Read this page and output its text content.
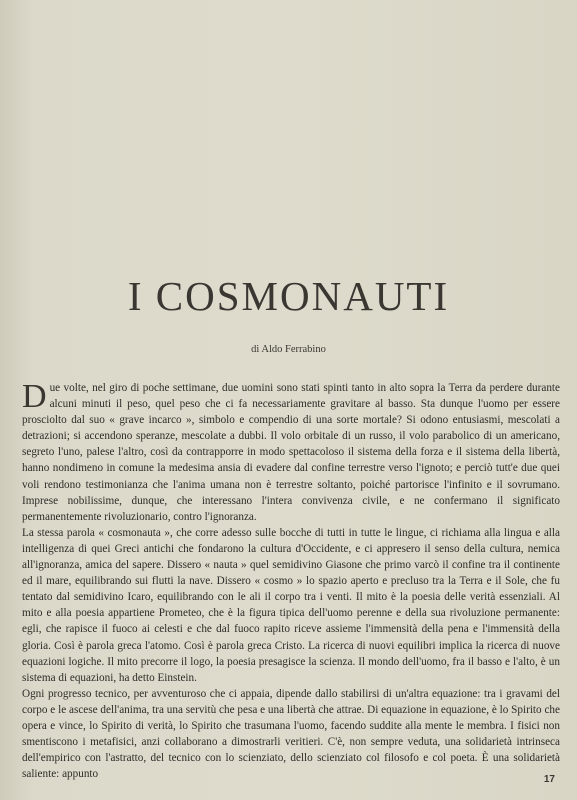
I COSMONAUTI
di Aldo Ferrabino

Due volte, nel giro di poche settimane, due uomini sono stati spinti tanto in alto sopra la Terra da perdere durante alcuni minuti il peso, quel peso che ci fa necessariamente gravitare al basso. Sta dunque l'uomo per essere prosciolto dal suo « grave incarco », simbolo e compendio di una sorte mortale? Si odono entusiasmi, mescolati a detrazioni; si accendono speranze, mescolate a dubbi. Il volo orbitale di un russo, il volo parabolico di un americano, segreto l'uno, palese l'altro, così da contrapporre in modo spettacoloso il sistema della forza e il sistema della libertà, hanno nondimeno in comune la medesima ansia di evadere dal confine terrestre verso l'ignoto; e perciò tutt'e due quei voli rendono testimonianza che l'anima umana non è terrestre soltanto, poiché partorisce l'infinito e il sovrumano. Imprese nobilissime, dunque, che interessano l'intera convivenza civile, e ne confermano il significato permanentemente rivoluzionario, contro l'ignoranza.

La stessa parola « cosmonauta », che corre adesso sulle bocche di tutti in tutte le lingue, ci richiama alla lingua e alla intelligenza di quei Greci antichi che fondarono la cultura d'Occidente, e ci appresero il senso della cultura, nemica all'ignoranza, amica del sapere. Dissero « nauta » quel semidivino Giasone che primo varcò il confine tra il continente ed il mare, equilibrando sui flutti la nave. Dissero « cosmo » lo spazio aperto e precluso tra la Terra e il Sole, che fu tentato dal semidivino Icaro, equilibrando con le ali il corpo tra i venti. Il mito è la poesia delle verità essenziali. Al mito e alla poesia appartiene Prometeo, che è la figura tipica dell'uomo perenne e della sua rivoluzione permanente: egli, che rapisce il fuoco ai celesti e che dal fuoco rapito riceve assieme l'immensità della pena e l'immensità della gloria. Così è parola greca l'atomo. Così è parola greca Cristo. La ricerca di nuovi equilibri implica la ricerca di nuove equazioni logiche. Il mito precorre il logo, la poesia presagisce la scienza. Il mondo dell'uomo, fra il basso e l'alto, è un sistema di equazioni, ha detto Einstein.

Ogni progresso tecnico, per avventuroso che ci appaia, dipende dallo stabilirsi di un'altra equazione: tra i gravami del corpo e le ascese dell'anima, tra una servitù che pesa e una libertà che attrae. Di equazione in equazione, è lo Spirito che opera e vince, lo Spirito di verità, lo Spirito che trasumana l'uomo, facendo suddite alla mente le membra. I fisici non smentiscono i metafisici, anzi collaborano a dimostrarli veritieri. C'è, non sempre veduta, una solidarietà intrinseca dell'empirico con l'astratto, del tecnico con lo scienziato, dello scienziato col filosofo e col poeta. È una solidarietà saliente: appunto	17
